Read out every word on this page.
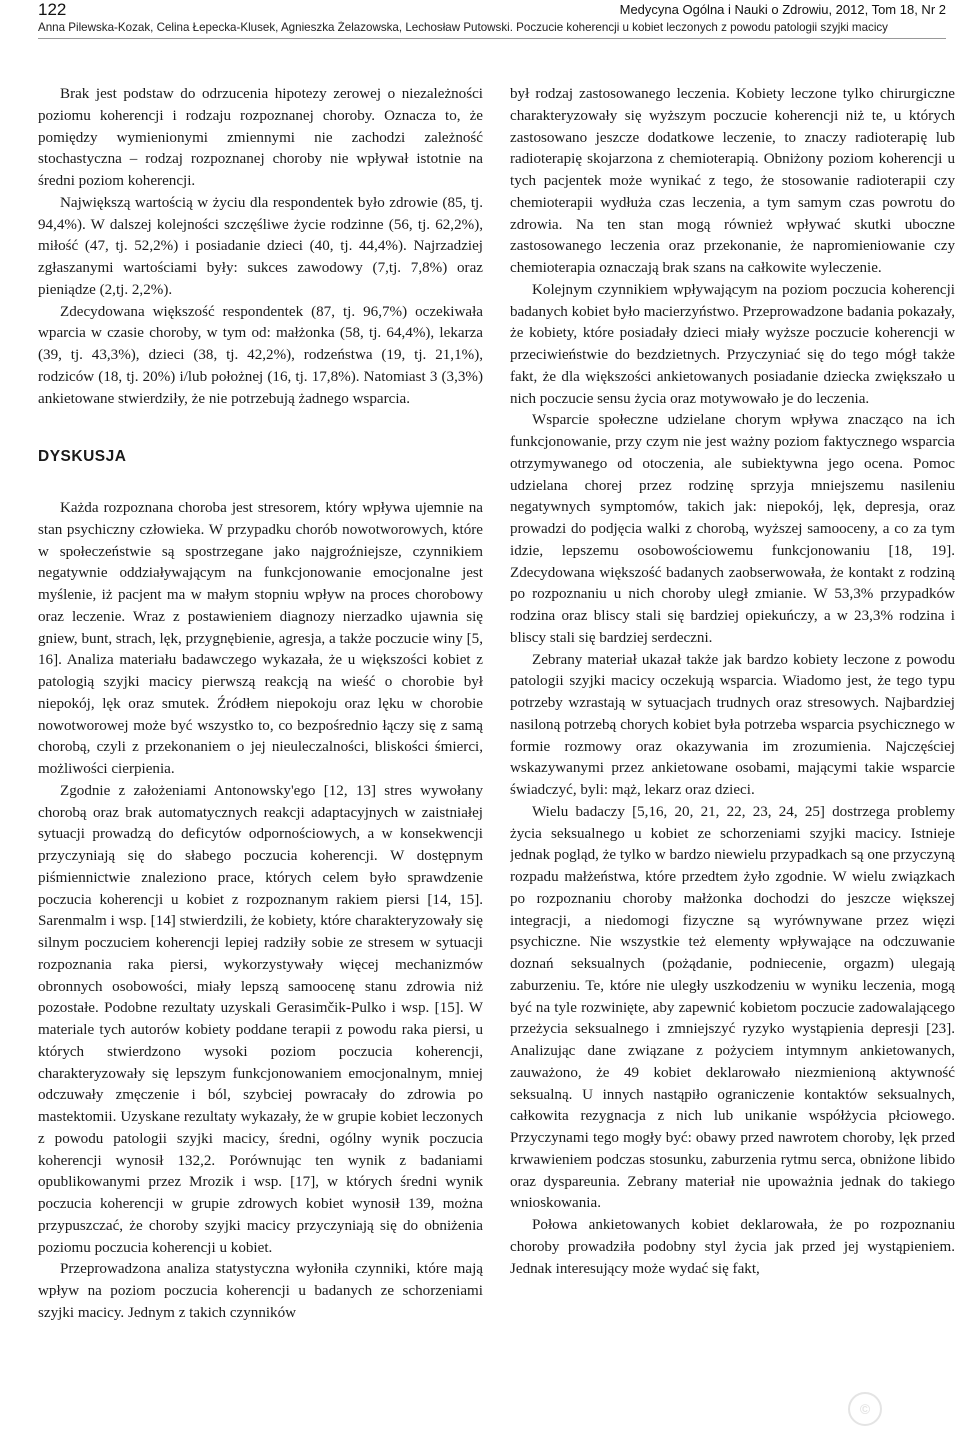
122	Medycyna Ogólna i Nauki o Zdrowiu, 2012, Tom 18, Nr 2
Anna Pilewska-Kozak, Celina Łepecka-Klusek, Agnieszka Żelazowska, Lechosław Putowski. Poczucie koherencji u kobiet leczonych z powodu patologii szyjki macicy

Brak jest podstaw do odrzucenia hipotezy zerowej o niezależności poziomu koherencji i rodzaju rozpoznanej choroby. Oznacza to, że pomiędzy wymienionymi zmiennymi nie zachodzi zależność stochastyczna – rodzaj rozpoznanej choroby nie wpływał istotnie na średni poziom koherencji.

Największą wartością w życiu dla respondentek było zdrowie (85, tj. 94,4%). W dalszej kolejności szczęśliwe życie rodzinne (56, tj. 62,2%), miłość (47, tj. 52,2%) i posiadanie dzieci (40, tj. 44,4%). Najrzadziej zgłaszanymi wartościami były: sukces zawodowy (7,tj. 7,8%) oraz pieniądze (2,tj. 2,2%).

Zdecydowana większość respondentek (87, tj. 96,7%) oczekiwała wparcia w czasie choroby, w tym od: małżonka (58, tj. 64,4%), lekarza (39, tj. 43,3%), dzieci (38, tj. 42,2%), rodzeństwa (19, tj. 21,1%), rodziców (18, tj. 20%) i/lub położnej (16, tj. 17,8%). Natomiast 3 (3,3%) ankietowane stwierdziły, że nie potrzebują żadnego wsparcia.

DYSKUSJA

Każda rozpoznana choroba jest stresorem, który wpływa ujemnie na stan psychiczny człowieka. W przypadku chorób nowotworowych, które w społeczeństwie są spostrzegane jako najgroźniejsze, czynnikiem negatywnie oddziaływającym na funkcjonowanie emocjonalne jest myślenie, iż pacjent ma w małym stopniu wpływ na proces chorobowy oraz leczenie. Wraz z postawieniem diagnozy nierzadko ujawnia się gniew, bunt, strach, lęk, przygnębienie, agresja, a także poczucie winy [5, 16]. Analiza materiału badawczego wykazała, że u większości kobiet z patologią szyjki macicy pierwszą reakcją na wieść o chorobie był niepokój, lęk oraz smutek. Źródłem niepokoju oraz lęku w chorobie nowotworowej może być wszystko to, co bezpośrednio łączy się z samą chorobą, czyli z przekonaniem o jej nieuleczalności, bliskości śmierci, możliwości cierpienia.

Zgodnie z założeniami Antonowsky'ego [12, 13] stres wywołany chorobą oraz brak automatycznych reakcji adaptacyjnych w zaistniałej sytuacji prowadzą do deficytów odpornościowych, a w konsekwencji przyczyniają się do słabego poczucia koherencji. W dostępnym piśmiennictwie znaleziono prace, których celem było sprawdzenie poczucia koherencji u kobiet z rozpoznanym rakiem piersi [14, 15]. Sarenmalm i wsp. [14] stwierdzili, że kobiety, które charakteryzowały się silnym poczuciem koherencji lepiej radziły sobie ze stresem w sytuacji rozpoznania raka piersi, wykorzystywały więcej mechanizmów obronnych osobowości, miały lepszą samoocenę stanu zdrowia niż pozostałe. Podobne rezultaty uzyskali Gerasimčik-Pulko i wsp. [15]. W materiale tych autorów kobiety poddane terapii z powodu raka piersi, u których stwierdzono wysoki poziom poczucia koherencji, charakteryzowały się lepszym funkcjonowaniem emocjonalnym, mniej odczuwały zmęczenie i ból, szybciej powracały do zdrowia po mastektomii. Uzyskane rezultaty wykazały, że w grupie kobiet leczonych z powodu patologii szyjki macicy, średni, ogólny wynik poczucia koherencji wynosił 132,2. Porównując ten wynik z badaniami opublikowanymi przez Mrozik i wsp. [17], w których średni wynik poczucia koherencji w grupie zdrowych kobiet wynosił 139, można przypuszczać, że choroby szyjki macicy przyczyniają się do obniżenia poziomu poczucia koherencji u kobiet.

Przeprowadzona analiza statystyczna wyłoniła czynniki, które mają wpływ na poziom poczucia koherencji u badanych ze schorzeniami szyjki macicy. Jednym z takich czynników

był rodzaj zastosowanego leczenia. Kobiety leczone tylko chirurgiczne charakteryzowały się wyższym poczucie koherencji niż te, u których zastosowano jeszcze dodatkowe leczenie, to znaczy radioterapię lub radioterapię skojarzona z chemioterapią. Obniżony poziom koherencji u tych pacjentek może wynikać z tego, że stosowanie radioterapii czy chemioterapii wydłuża czas leczenia, a tym samym czas powrotu do zdrowia. Na ten stan mogą również wpływać skutki uboczne zastosowanego leczenia oraz przekonanie, że napromieniowanie czy chemioterapia oznaczają brak szans na całkowite wyleczenie.

Kolejnym czynnikiem wpływającym na poziom poczucia koherencji badanych kobiet było macierzyństwo. Przeprowadzone badania pokazały, że kobiety, które posiadały dzieci miały wyższe poczucie koherencji w przeciwieństwie do bezdzietnych. Przyczyniać się do tego mógł także fakt, że dla większości ankietowanych posiadanie dziecka zwiększało u nich poczucie sensu życia oraz motywowało je do leczenia.

Wsparcie społeczne udzielane chorym wpływa znacząco na ich funkcjonowanie, przy czym nie jest ważny poziom faktycznego wsparcia otrzymywanego od otoczenia, ale subiektywna jego ocena. Pomoc udzielana chorej przez rodzinę sprzyja mniejszemu nasileniu negatywnych symptomów, takich jak: niepokój, lęk, depresja, oraz prowadzi do podjęcia walki z chorobą, wyższej samooceny, a co za tym idzie, lepszemu osobowościowemu funkcjonowaniu [18, 19]. Zdecydowana większość badanych zaobserwowała, że kontakt z rodziną po rozpoznaniu u nich choroby uległ zmianie. W 53,3% przypadków rodzina oraz bliscy stali się bardziej opiekuńczy, a w 23,3% rodzina i bliscy stali się bardziej serdeczni.

Zebrany materiał ukazał także jak bardzo kobiety leczone z powodu patologii szyjki macicy oczekują wsparcia. Wiadomo jest, że tego typu potrzeby wzrastają w sytuacjach trudnych oraz stresowych. Najbardziej nasiloną potrzebą chorych kobiet była potrzeba wsparcia psychicznego w formie rozmowy oraz okazywania im zrozumienia. Najczęściej wskazywanymi przez ankietowane osobami, mającymi takie wsparcie świadczyć, byli: mąż, lekarz oraz dzieci.

Wielu badaczy [5,16, 20, 21, 22, 23, 24, 25] dostrzega problemy życia seksualnego u kobiet ze schorzeniami szyjki macicy. Istnieje jednak pogląd, że tylko w bardzo niewielu przypadkach są one przyczyną rozpadu małżeństwa, które przedtem żyło zgodnie. W wielu związkach po rozpoznaniu choroby małżonka dochodzi do jeszcze większej integracji, a niedomogi fizyczne są wyrównywane przez więzi psychiczne. Nie wszystkie też elementy wpływające na odczuwanie doznań seksualnych (pożądanie, podniecenie, orgazm) ulegają zaburzeniu. Te, które nie uległy uszkodzeniu w wyniku leczenia, mogą być na tyle rozwinięte, aby zapewnić kobietom poczucie zadowalającego przeżycia seksualnego i zmniejszyć ryzyko wystąpienia depresji [23]. Analizując dane związane z pożyciem intymnym ankietowanych, zauważono, że 49 kobiet deklarowało niezmienioną aktywność seksualną. U innych nastąpiło ograniczenie kontaktów seksualnych, całkowita rezygnacja z nich lub unikanie współżycia płciowego. Przyczynami tego mogły być: obawy przed nawrotem choroby, lęk przed krwawieniem podczas stosunku, zaburzenia rytmu serca, obniżone libido oraz dyspareunia. Zebrany materiał nie upoważnia jednak do takiego wnioskowania.

Połowa ankietowanych kobiet deklarowała, że po rozpoznaniu choroby prowadziła podobny styl życia jak przed jej wystąpieniem. Jednak interesujący może wydać się fakt,

©
